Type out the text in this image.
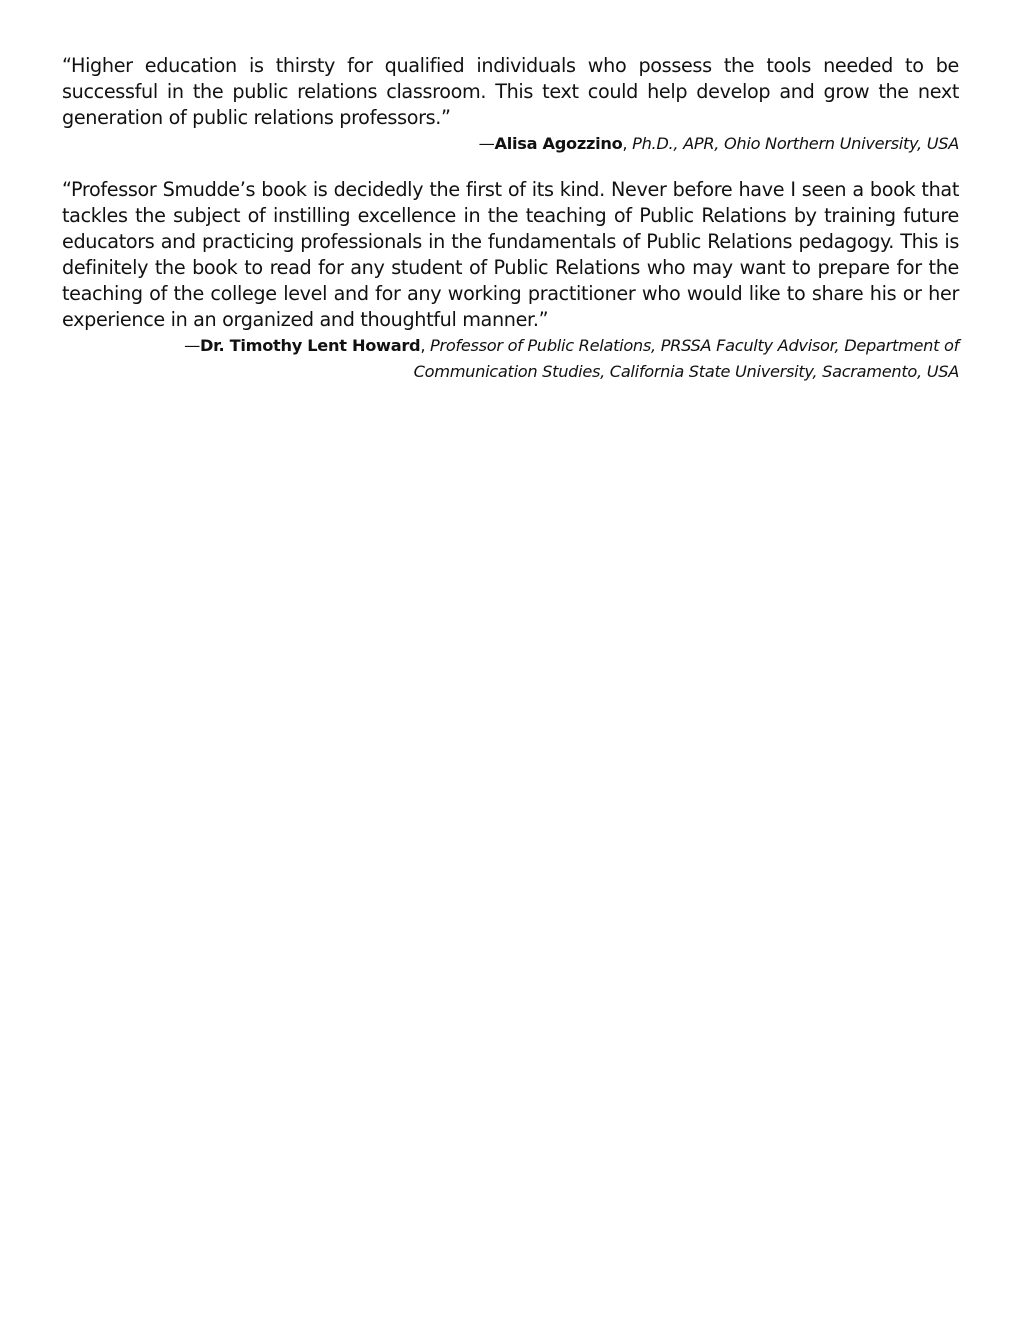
“Higher education is thirsty for qualified individuals who possess the tools needed to be successful in the public relations classroom. This text could help develop and grow the next generation of public relations professors.”

—Alisa Agozzino, Ph.D., APR, Ohio Northern University, USA

“Professor Smudde’s book is decidedly the first of its kind. Never before have I seen a book that tackles the subject of instilling excellence in the teaching of Public Relations by training future educators and practicing professionals in the fundamentals of Public Relations pedagogy. This is definitely the book to read for any student of Public Relations who may want to prepare for the teaching of the college level and for any working practitioner who would like to share his or her experience in an organized and thoughtful manner.”

—Dr. Timothy Lent Howard, Professor of Public Relations, PRSSA Faculty Advisor, Department of Communication Studies, California State University, Sacramento, USA
